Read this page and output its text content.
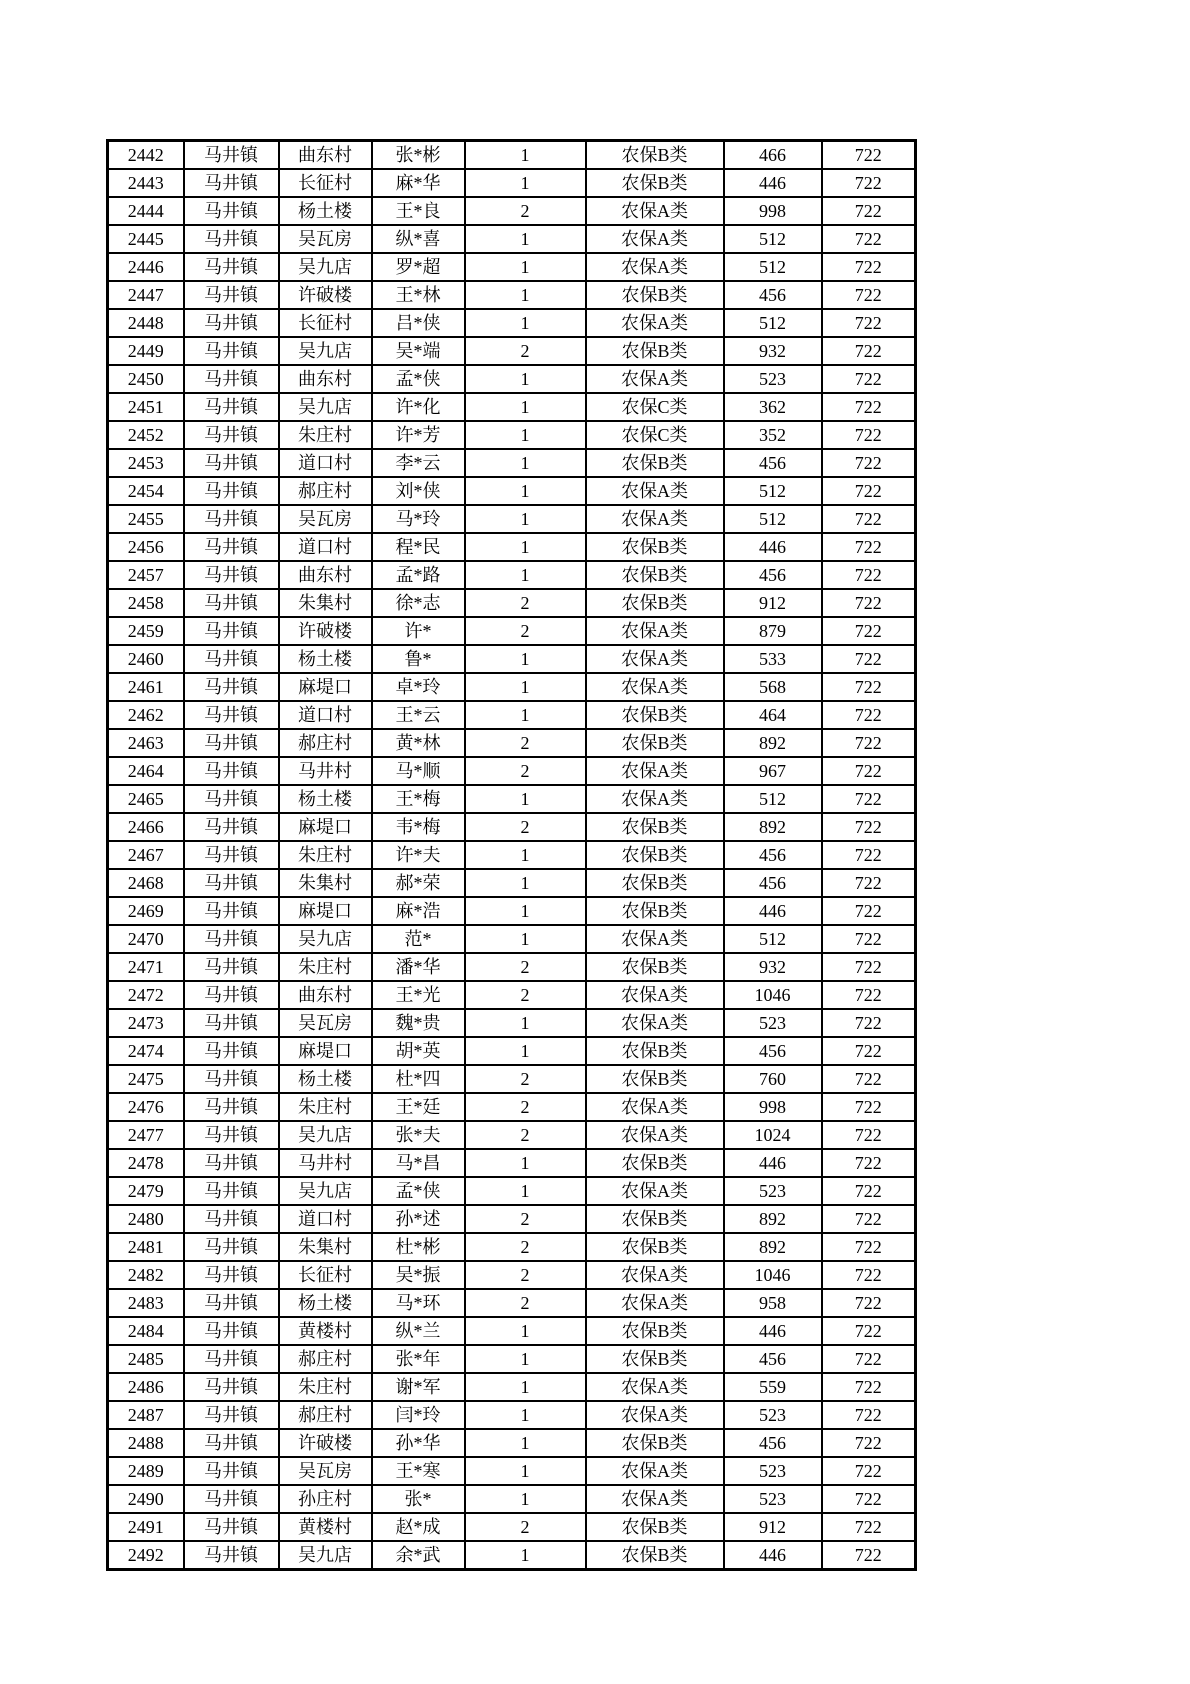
2442	马井镇	曲东村	张*彬	1	农保B类	466	722
2443	马井镇	长征村	麻*华	1	农保B类	446	722
2444	马井镇	杨土楼	王*良	2	农保A类	998	722
2445	马井镇	吴瓦房	纵*喜	1	农保A类	512	722
2446	马井镇	吴九店	罗*超	1	农保A类	512	722
2447	马井镇	许破楼	王*林	1	农保B类	456	722
2448	马井镇	长征村	吕*侠	1	农保A类	512	722
2449	马井镇	吴九店	吴*端	2	农保B类	932	722
2450	马井镇	曲东村	孟*侠	1	农保A类	523	722
2451	马井镇	吴九店	许*化	1	农保C类	362	722
2452	马井镇	朱庄村	许*芳	1	农保C类	352	722
2453	马井镇	道口村	李*云	1	农保B类	456	722
2454	马井镇	郝庄村	刘*侠	1	农保A类	512	722
2455	马井镇	吴瓦房	马*玲	1	农保A类	512	722
2456	马井镇	道口村	程*民	1	农保B类	446	722
2457	马井镇	曲东村	孟*路	1	农保B类	456	722
2458	马井镇	朱集村	徐*志	2	农保B类	912	722
2459	马井镇	许破楼	许*	2	农保A类	879	722
2460	马井镇	杨土楼	鲁*	1	农保A类	533	722
2461	马井镇	麻堤口	卓*玲	1	农保A类	568	722
2462	马井镇	道口村	王*云	1	农保B类	464	722
2463	马井镇	郝庄村	黄*林	2	农保B类	892	722
2464	马井镇	马井村	马*顺	2	农保A类	967	722
2465	马井镇	杨土楼	王*梅	1	农保A类	512	722
2466	马井镇	麻堤口	韦*梅	2	农保B类	892	722
2467	马井镇	朱庄村	许*夫	1	农保B类	456	722
2468	马井镇	朱集村	郝*荣	1	农保B类	456	722
2469	马井镇	麻堤口	麻*浩	1	农保B类	446	722
2470	马井镇	吴九店	范*	1	农保A类	512	722
2471	马井镇	朱庄村	潘*华	2	农保B类	932	722
2472	马井镇	曲东村	王*光	2	农保A类	1046	722
2473	马井镇	吴瓦房	魏*贵	1	农保A类	523	722
2474	马井镇	麻堤口	胡*英	1	农保B类	456	722
2475	马井镇	杨土楼	杜*四	2	农保B类	760	722
2476	马井镇	朱庄村	王*廷	2	农保A类	998	722
2477	马井镇	吴九店	张*夫	2	农保A类	1024	722
2478	马井镇	马井村	马*昌	1	农保B类	446	722
2479	马井镇	吴九店	孟*侠	1	农保A类	523	722
2480	马井镇	道口村	孙*述	2	农保B类	892	722
2481	马井镇	朱集村	杜*彬	2	农保B类	892	722
2482	马井镇	长征村	吴*振	2	农保A类	1046	722
2483	马井镇	杨土楼	马*环	2	农保A类	958	722
2484	马井镇	黄楼村	纵*兰	1	农保B类	446	722
2485	马井镇	郝庄村	张*年	1	农保B类	456	722
2486	马井镇	朱庄村	谢*军	1	农保A类	559	722
2487	马井镇	郝庄村	闫*玲	1	农保A类	523	722
2488	马井镇	许破楼	孙*华	1	农保B类	456	722
2489	马井镇	吴瓦房	王*寒	1	农保A类	523	722
2490	马井镇	孙庄村	张*	1	农保A类	523	722
2491	马井镇	黄楼村	赵*成	2	农保B类	912	722
2492	马井镇	吴九店	余*武	1	农保B类	446	722
